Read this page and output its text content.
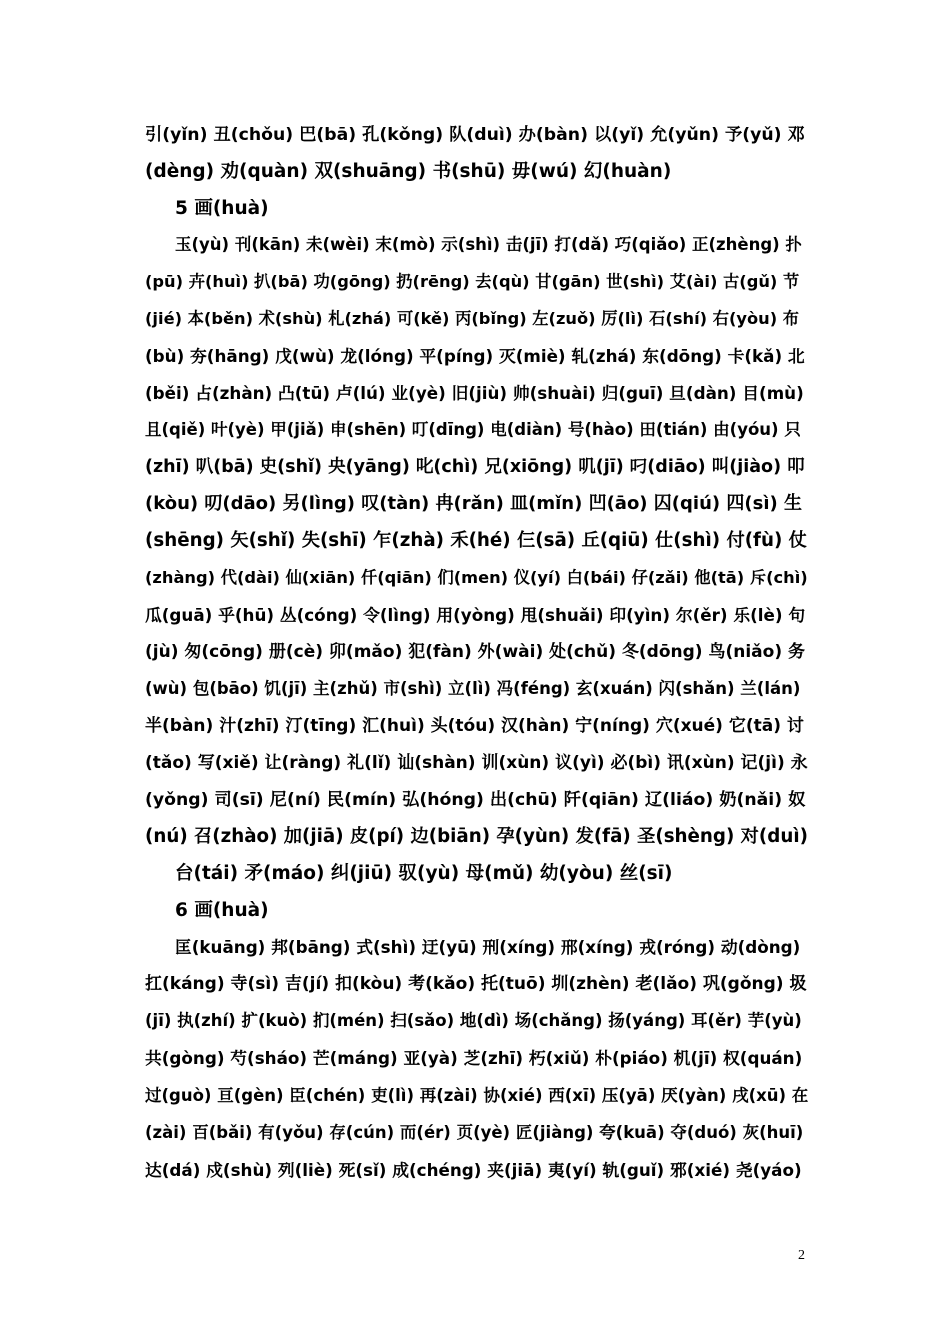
引(yǐn) 丑(chǒu) 巴(bā) 孔(kǒng) 队(duì) 办(bàn) 以(yǐ) 允(yǔn) 予(yǔ) 邓
(dèng) 劝(quàn) 双(shuāng) 书(shū) 毋(wú) 幻(huàn)
5 画(huà)
玉(yù) 刊(kān) 未(wèi) 末(mò) 示(shì) 击(jī) 打(dǎ) 巧(qiǎo) 正(zhèng) 扑
(pū) 卉(huì) 扒(bā) 功(gōng) 扔(rēng) 去(qù) 甘(gān) 世(shì) 艾(ài) 古(gǔ) 节
(jié) 本(běn) 术(shù) 札(zhá) 可(kě) 丙(bǐng) 左(zuǒ) 厉(lì) 石(shí) 右(yòu) 布
(bù) 夯(hāng) 戊(wù) 龙(lóng) 平(píng) 灭(miè) 轧(zhá) 东(dōng) 卡(kǎ) 北
(běi) 占(zhàn) 凸(tū) 卢(lú) 业(yè) 旧(jiù) 帅(shuài) 归(guī) 旦(dàn) 目(mù)
且(qiě) 叶(yè) 甲(jiǎ) 申(shēn) 叮(dīng) 电(diàn) 号(hào) 田(tián) 由(yóu) 只
(zhī) 叭(bā) 史(shǐ) 央(yāng) 叱(chì) 兄(xiōng) 叽(jī) 叼(diāo) 叫(jiào) 叩
(kòu) 叨(dāo) 另(lìng) 叹(tàn) 冉(rǎn) 皿(mǐn) 凹(āo) 囚(qiú) 四(sì) 生
(shēng) 矢(shǐ) 失(shī) 乍(zhà) 禾(hé) 仨(sā) 丘(qiū) 仕(shì) 付(fù) 仗
(zhàng) 代(dài) 仙(xiān) 仟(qiān) 们(men) 仪(yí) 白(bái) 仔(zǎi) 他(tā) 斥(chì)
瓜(guā) 乎(hū) 丛(cóng) 令(lìng) 用(yòng) 甩(shuǎi) 印(yìn) 尔(ěr) 乐(lè) 句
(jù) 匆(cōng) 册(cè) 卯(mǎo) 犯(fàn) 外(wài) 处(chǔ) 冬(dōng) 鸟(niǎo) 务
(wù) 包(bāo) 饥(jī) 主(zhǔ) 市(shì) 立(lì) 冯(féng) 玄(xuán) 闪(shǎn) 兰(lán)
半(bàn) 汁(zhī) 汀(tīng) 汇(huì) 头(tóu) 汉(hàn) 宁(níng) 穴(xué) 它(tā) 讨
(tǎo) 写(xiě) 让(ràng) 礼(lǐ) 讪(shàn) 训(xùn) 议(yì) 必(bì) 讯(xùn) 记(jì) 永
(yǒng) 司(sī) 尼(ní) 民(mín) 弘(hóng) 出(chū) 阡(qiān) 辽(liáo) 奶(nǎi) 奴
(nú) 召(zhào) 加(jiā) 皮(pí) 边(biān) 孕(yùn) 发(fā) 圣(shèng) 对(duì)
台(tái) 矛(máo) 纠(jiū) 驭(yù) 母(mǔ) 幼(yòu) 丝(sī)
6 画(huà)
匡(kuāng) 邦(bāng) 式(shì) 迂(yū) 刑(xíng) 邢(xíng) 戎(róng) 动(dòng)
扛(káng) 寺(sì) 吉(jí) 扣(kòu) 考(kǎo) 托(tuō) 圳(zhèn) 老(lǎo) 巩(gǒng) 圾
(jī) 执(zhí) 扩(kuò) 扪(mén) 扫(sǎo) 地(dì) 场(chǎng) 扬(yáng) 耳(ěr) 芋(yù)
共(gòng) 芍(sháo) 芒(máng) 亚(yà) 芝(zhī) 朽(xiǔ) 朴(piáo) 机(jī) 权(quán)
过(guò) 亘(gèn) 臣(chén) 吏(lì) 再(zài) 协(xié) 西(xī) 压(yā) 厌(yàn) 戌(xū) 在
(zài) 百(bǎi) 有(yǒu) 存(cún) 而(ér) 页(yè) 匠(jiàng) 夸(kuā) 夺(duó) 灰(huī)
达(dá) 戍(shù) 列(liè) 死(sǐ) 成(chéng) 夹(jiā) 夷(yí) 轨(guǐ) 邪(xié) 尧(yáo)
2
